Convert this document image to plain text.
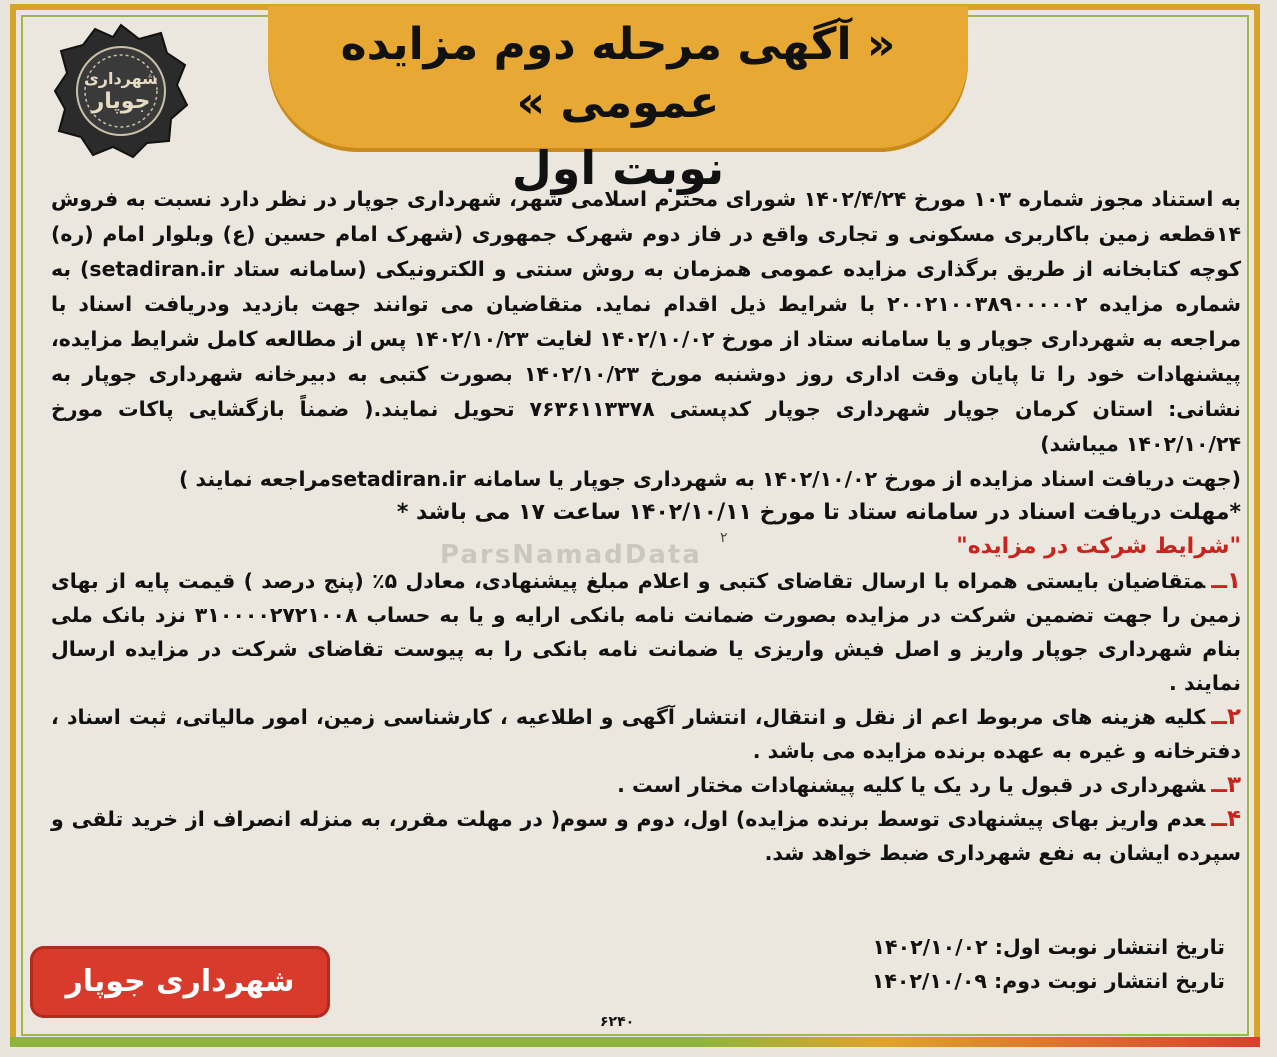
« آگهی مرحله دوم مزایده عمومی »
نوبت اول
شهرداری
جوپار
ParsNamadData

به استناد مجوز شماره ۱۰۳ مورخ ۱۴۰۲/۴/۲۴ شورای محترم اسلامی شهر، شهرداری جوپار در نظر دارد نسبت به فروش ۱۴قطعه زمین باکاربری مسکونی و تجاری واقع در فاز دوم شهرک جمهوری (شهرک امام حسین (ع) وبلوار امام (ره) کوچه کتابخانه از طریق برگذاری مزایده عمومی همزمان به روش سنتی و الکترونیکی (سامانه ستاد setadiran.ir) به شماره مزایده ۲۰۰۲۱۰۰۳۸۹۰۰۰۰۰۲ با شرایط ذیل اقدام نماید. متقاضیان می توانند جهت بازدید ودریافت اسناد با مراجعه به شهرداری جوپار و یا سامانه ستاد از مورخ ۱۴۰۲/۱۰/۰۲ لغایت ۱۴۰۲/۱۰/۲۳ پس از مطالعه کامل شرایط مزایده، پیشنهادات خود را تا پایان وقت اداری روز دوشنبه مورخ ۱۴۰۲/۱۰/۲۳ بصورت کتبی به دبیرخانه شهرداری جوپار به نشانی: استان کرمان جوپار شهرداری جوپار کدپستی ۷۶۳۶۱۱۳۳۷۸ تحویل نمایند.( ضمناً بازگشایی پاکات مورخ ۱۴۰۲/۱۰/۲۴ میباشد)

(جهت دریافت اسناد مزایده از مورخ ۱۴۰۲/۱۰/۰۲ به شهرداری جوپار یا سامانه setadiran.irمراجعه نمایند )

*مهلت دریافت اسناد در سامانه ستاد تا مورخ ۱۴۰۲/۱۰/۱۱ ساعت ۱۷ می باشد *

"شرایط شرکت در مزایده"

۱ــمتقاضیان بایستی همراه با ارسال تقاضای کتبی و اعلام مبلغ پیشنهادی، معادل ۵٪ (پنج درصد ) قیمت پایه از بهای زمین را جهت تضمین شرکت در مزایده بصورت ضمانت نامه بانکی ارایه و یا به حساب ۳۱۰۰۰۰۲۷۲۱۰۰۸ نزد بانک ملی بنام شهرداری جوپار واریز و اصل فیش واریزی یا ضمانت نامه بانکی را به پیوست تقاضای شرکت در مزایده ارسال نمایند .

۲ــکلیه هزینه های مربوط اعم از نقل و انتقال، انتشار آگهی و اطلاعیه ، کارشناسی زمین، امور مالیاتی، ثبت اسناد ، دفترخانه و غیره به عهده برنده مزایده می باشد .

۳ــشهرداری در قبول یا رد یک یا کلیه پیشنهادات مختار است .

۴ــعدم واریز بهای پیشنهادی توسط برنده مزایده) اول، دوم و سوم( در مهلت مقرر، به منزله انصراف از خرید تلقی و سپرده ایشان به نفع شهرداری ضبط خواهد شد.

۲
تاریخ انتشار نوبت اول: ۱۴۰۲/۱۰/۰۲
تاریخ انتشار نوبت دوم: ۱۴۰۲/۱۰/۰۹
شهرداری جوپار
۶۲۴۰
